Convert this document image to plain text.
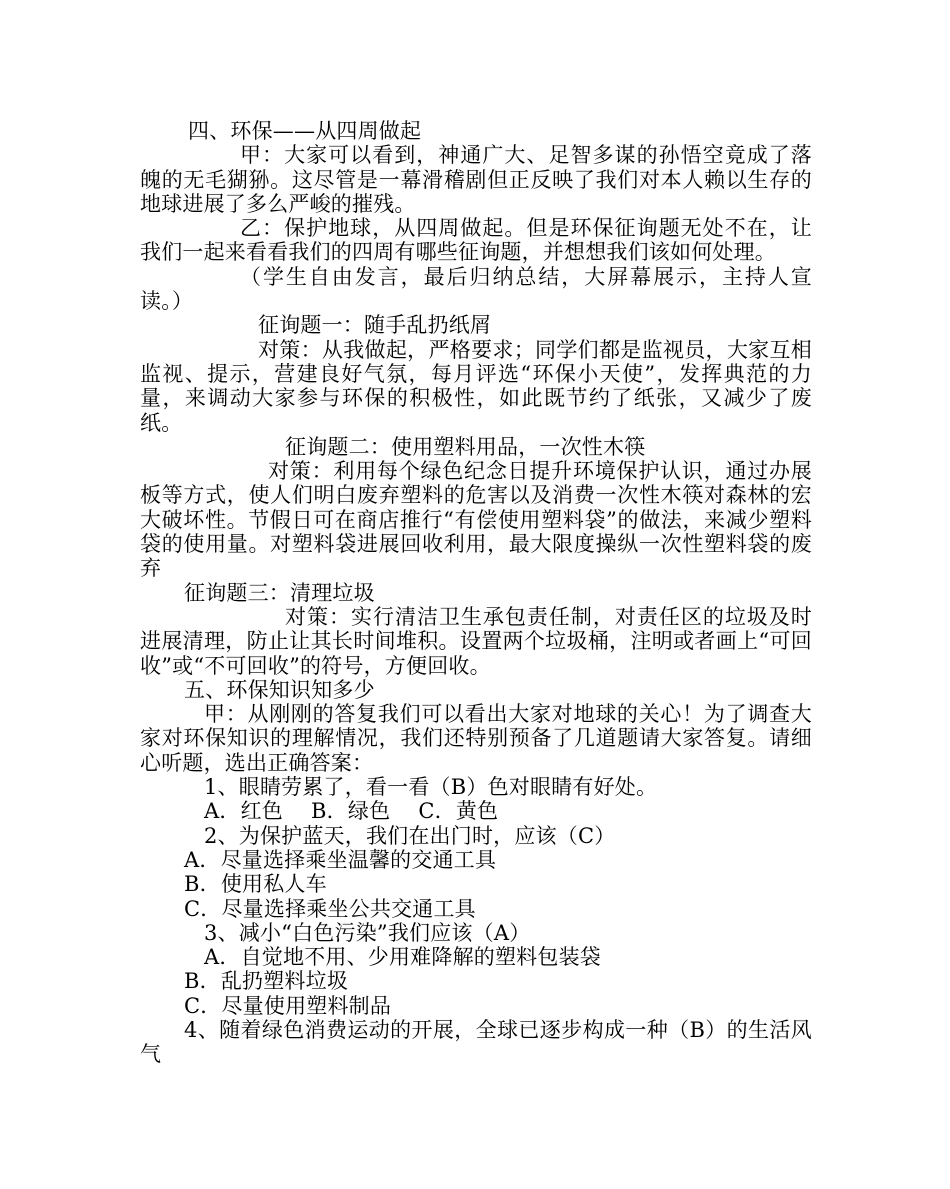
四、环保——从四周做起

甲：大家可以看到，神通广大、足智多谋的孙悟空竟成了落魄的无毛猢狲。这尽管是一幕滑稽剧但正反映了我们对本人赖以生存的地球进展了多么严峻的摧残。

乙：保护地球，从四周做起。但是环保征询题无处不在，让我们一起来看看我们的四周有哪些征询题，并想想我们该如何处理。

（学生自由发言，最后归纳总结，大屏幕展示，主持人宣读。）

征询题一：随手乱扔纸屑

对策：从我做起，严格要求；同学们都是监视员，大家互相监视、提示，营建良好气氛，每月评选“环保小天使”，发挥典范的力量，来调动大家参与环保的积极性，如此既节约了纸张，又减少了废纸。

征询题二：使用塑料用品，一次性木筷

对策：利用每个绿色纪念日提升环境保护认识，通过办展板等方式，使人们明白废弃塑料的危害以及消费一次性木筷对森林的宏大破坏性。节假日可在商店推行“有偿使用塑料袋”的做法，来减少塑料袋的使用量。对塑料袋进展回收利用，最大限度操纵一次性塑料袋的废弃

征询题三：清理垃圾

对策：实行清洁卫生承包责任制，对责任区的垃圾及时进展清理，防止让其长时间堆积。设置两个垃圾桶，注明或者画上“可回收”或“不可回收”的符号，方便回收。

五、环保知识知多少

甲：从刚刚的答复我们可以看出大家对地球的关心！为了调查大家对环保知识的理解情况，我们还特别预备了几道题请大家答复。请细心听题，选出正确答案：

1、眼睛劳累了，看一看（B）色对眼睛有好处。

A．红色　 B．绿色　 C．黄色

2、为保护蓝天，我们在出门时，应该（C）

A．尽量选择乘坐温馨的交通工具

B．使用私人车

C．尽量选择乘坐公共交通工具

3、减小“白色污染”我们应该（A）

A．自觉地不用、少用难降解的塑料包装袋

B．乱扔塑料垃圾

C．尽量使用塑料制品

4、随着绿色消费运动的开展，全球已逐步构成一种（B）的生活风气
